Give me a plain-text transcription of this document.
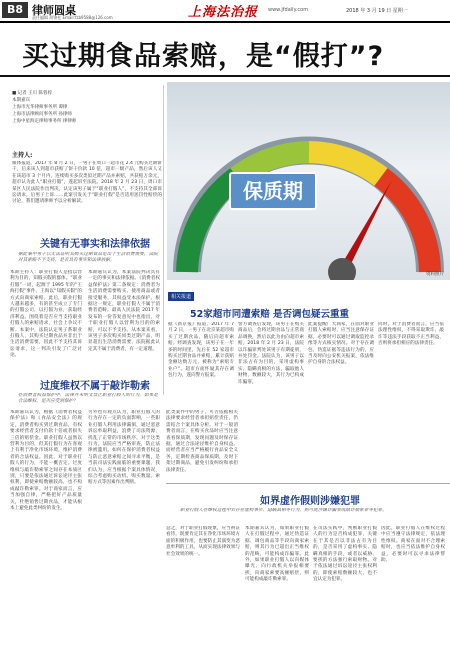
B8 律师圆桌
责任编辑 胡锦松 Email:fzb9588@126.com	上海法治报 www.jfdaily.com	2018 年 3 月 19 日 星期一
买过期食品索赔，是“假打”?
■ 记者 王川 陈蓉梓
本期嘉宾
上海市光华律师事务所 谭律
上海市法律顾问事务所 孙律师
上海中星海定律师事务所 律律师
主持人:
媒体报道，2017 年 8 月 2 日，一男子在周口一超市花 2.4 元购买过期饼干，后来该人到超市获赔了饼干价款 10 倍，超市一级产品，然后该人又在该超市 3 个月内，连续购买多次类似过期产品并索赔，共获赔万余元，超市认为此人“职业打假”，遂起诉至法院。2018 年 2 月 23 日，周口市某区人民法院作出判决，认定该男子属于“职业打假人”，不支持其全部诉讼请求，后男子上诉……此案引发关于“职业打假”是否适用惩罚性赔偿的讨论，我们邀请律师予以分析解读。
关键有无事实和法律依据
据此案中男子以无法证明其购买过期食品是出于生活消费需要，法院对其索赔不予支持，是否具有事实和法律依据。
本期主持人：职业打假人是指以营利为目的，知假买假的群体。“职业打假”一词，起源于 1995 年的“王海打假”事件，王海以“知假买假”的方式向商家索赔。此后，职业打假人越来越多，有的甚至成立了专门的打假公司，以打假为业，获取经济利益。围绕着是否应当支持职业打假人的索赔请求，社会上争议不断。本案中，法院认定男子系职业打假人，其购买过期食品并非出于生活消费需要，因此不予支持其诉讼请求，这一判决引发了广泛讨论。
本期嘉宾认为，本案法院判决具有一定的事实和法律依据。《消费者权益保护法》第二条规定：消费者为生活消费需要购买、使用商品或者接受服务，其权益受本法保护。根据这一规定，职业打假人不属于消费者范畴。最高人民法院 2017 年发布的一份答复意见中也指出，对于职业打假人以营利为目的的索赔，可以不予支持。从本案来看，该男子多次购买同类过期产品，明显超出生活消费需要，法院据此认定其不属于消费者，有一定道理。
过度维权不属于敲诈勒索
在消费者权益保护中，法律并未明文禁止职业打假人的行为，如果是合法维权，是否应受到保护？
本期嘉宾认为，根据《消费者权益保护法》和《食品安全法》的规定，消费者购买到过期食品，有权要求经营者支付价款十倍或者损失三倍的赔偿金。职业打假人虽然以营利为目的，但其打假行为在客观上有利于净化市场环境，维护消费者的合法权益。因此，对于职业打假人的行为，不能一概否定。过度维权与敲诈勒索罪之间存在本质区别，只要是依法通过诉讼途径主张权利，即使索赔数额较高，也不构成敲诈勒索罪。对于商家而言，应当加强自律，严格把好产品质量关，杜绝销售过期食品，才能从根本上避免此类纠纷的发生。
另外也有观点认为，职业打假人的行为存在一定的负面影响，一些职业打假人利用法律漏洞，通过恶意诉讼牟取利益，浪费了司法资源，扰乱了正常的市场秩序。对于这类行为，法院应当严格审查，防止法律被滥用。如何在保护消费者权益与防止恶意索赔之间寻求平衡，是当前司法实践面临的重要课题。我们认为，应当根据个案具体情况，综合考虑购买动机、购买数量、索赔方式等因素作出判断。
此类案件中的男子，可否依据相关法律要求经营者承担赔偿责任，仍需结合个案具体分析。对于一般消费者而言，在购买食品时应当注意查看保质期，发现问题及时保存证据，通过合法途径维护自身权益。而经营者应当严格履行食品安全义务，定期检查商品保质期，及时下架过期商品，避免引发纠纷和承担法律责任。
保质期
资料照片
相关报道
52家超市同遭索赔 是否调包疑云重重
据《新京报》报道，2017 年 7 月 2 日，一男子在北京某超市购买了过期食品，随后向超市索赔。经调查发现，该男子在一年多的时间里，先后在 52 家超市购买过期食品并索赔，累计获赔金额达数万元，被称为“索赔专业户”。超市方面怀疑其存在调包行为，遂向警方报案。
警方调查后发现，该男子在购买商品后，会将过期食品与正常商品调换，然后以此为由向超市索赔。2018 年 2 月 23 日，法院以诈骗罪判处该男子有期徒刑，并处罚金。法院认为，该男子以非法占有为目的，采用虚构事实、隐瞒真相的方法，骗取他人财物，数额较大，其行为已构成诈骗罪。
此案提醒广大商家，在面对职业打假人索赔时，应当注意保存证据，必要时可以通过调取监控录像等方式核实情况。对于存在调包、伪造证据等违法行为的，应当及时向公安机关报案，依法维护自身的合法权益。
同时，对于消费者而言，应当依法理性维权，不得采取欺诈、敲诈等违法手段获取不正当利益，否则将承担相应的法律责任。
如界虚作假则涉嫌犯罪
职业打假人在维权过程中若存在虚构事实、隐瞒真相等行为，则可能涉嫌诈骗罪或敲诈勒索罪等犯罪。
本期嘉宾认为，如果职业打假人在打假过程中，通过伪造证据、调包商品等手段向商家索赔，则其行为已超出正当维权的范畴，可能构成诈骗罪。此外，如果职业打假人以向媒体曝光、向行政机关举报相要挟，向商家索要高额赔偿，则可能构成敲诈勒索罪。
在司法实践中，判断职业打假人的行为是否构成犯罪，关键在于其是否以非法占有为目的，是否采用了虚构事实、隐瞒真相的手段，或者以威胁、要挟的方法强行索取财物。对于依法通过诉讼途径主张权利的，即使索赔数额较大，也不宜认定为犯罪。
因此，职业打假人在维权过程中应当遵守法律规定，依法理性维权。商家在面对不合理索赔时，也应当依法维护自身权益，必要时可以寻求法律帮助。
总之，对于职业打假现象，应当辩证看待，既要肯定其在净化市场环境方面的积极作用，也要防止其演变为恶意牟利的工具，从而实现法律效果与社会效果的统一。
